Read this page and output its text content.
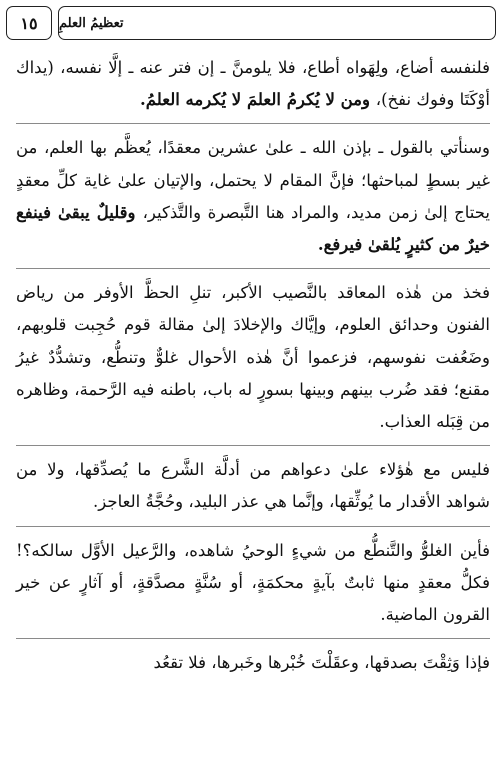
١٥ تعظيمُ العلمِ

فلنفسه أضاع، ولِهَواه أطاع، فلا يلومنَّ ـ إن فتر عنه ـ إلَّا نفسه، (يداك أوْكَتَا وفوك نفخ)، ومن لا يُكرمُ العلمَ لا يُكرمه العلمُ.

وسنأتي بالقول ـ بإذن الله ـ علىٰ عشرين معقدًا، يُعظَّم بها العلم، من غير بسطٍ لمباحثها؛ فإنَّ المقام لا يحتمل، والإتيان علىٰ غاية كلِّ معقدٍ يحتاج إلىٰ زمن مديد، والمراد هنا التَّبصرة والتَّذكير، وقليلٌ يبقىٰ فينفع خيرٌ من كثيرٍ يُلقىٰ فيرفع.

فخذ من هٰذه المعاقد بالنَّصيب الأكبر، تنلِ الحظَّ الأوفر من رياض الفنون وحدائق العلوم، وإيَّاك والإخلادَ إلىٰ مقالة قوم حُجِبت قلوبهم، وضَعُفت نفوسهم، فزعموا أنَّ هٰذه الأحوال غلوٌّ وتنطُّع، وتشدُّدٌ غيرُ مقنع؛ فقد ضُرب بينهم وبينها بسورٍ له باب، باطنه فيه الرَّحمة، وظاهره من قِبَله العذاب.

فليس مع هٰؤلاء علىٰ دعواهم من أدلَّة الشَّرع ما يُصدِّقها، ولا من شواهد الأقدار ما يُوثِّقها، وإنَّما هي عذر البليد، وحُجَّةُ العاجز.

فأين الغلوُّ والتَّنطُّع من شيءٍ الوحيُ شاهده، والرَّعيل الأوَّل سالكه؟! فكلُّ معقدٍ منها ثابتٌ بآيةٍ محكمَةٍ، أو سُنَّةٍ مصدَّقةٍ، أو آثارٍ عن خير القرون الماضية.

فإذا وَثِقْتَ بصدقها، وعقَلْتَ خُبْرها وخَبرها، فلا تقعُد
